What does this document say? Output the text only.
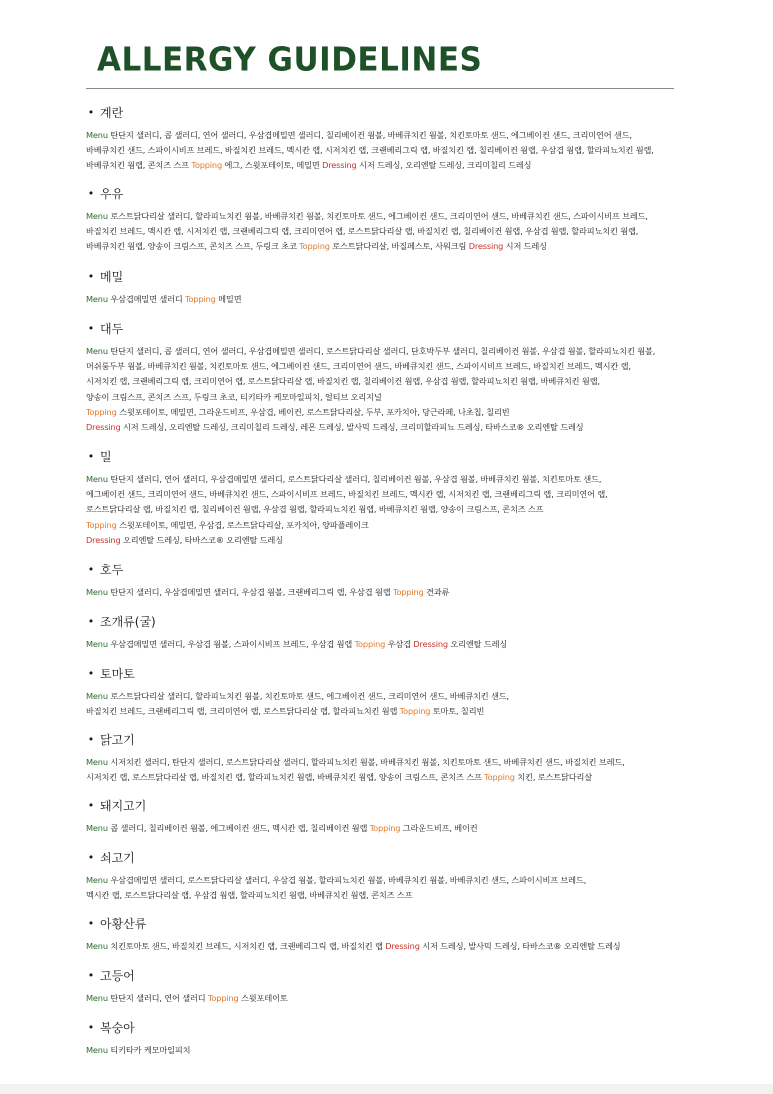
ALLERGY GUIDELINES
• 계란
Menu 탄단지 샐러디, 콥 샐러디, 연어 샐러디, 우삼겹메밀면 샐러디, 칠리베이컨 웜볼, 바베큐치킨 웜볼, 치킨토마토 샌드, 에그베이컨 샌드, 크리미연어 샌드,
바베큐치킨 샌드, 스파이시비프 브레드, 바질치킨 브레드, 멕시칸 랩, 시저치킨 랩, 크랜베리그릭 랩, 바질치킨 랩, 칠리베이컨 웜랩, 우삼겹 웜랩, 할라피뇨치킨 웜랩,
바베큐치킨 웜랩, 콘치즈 스프 Topping 에그, 스윗포테이토, 메밀면 Dressing 시저 드레싱, 오리엔탈 드레싱, 크리미칠리 드레싱
• 우유
Menu 로스트닭다리살 샐러디, 할라피뇨치킨 웜볼, 바베큐치킨 웜볼, 치킨토마토 샌드, 에그베이컨 샌드, 크리미연어 샌드, 바베큐치킨 샌드, 스파이시비프 브레드,
바질치킨 브레드, 멕시칸 랩, 시저치킨 랩, 크랜베리그릭 랩, 크리미연어 랩, 로스트닭다리살 랩, 바질치킨 랩, 칠리베이컨 웜랩, 우삼겹 웜랩, 할라피뇨치킨 웜랩,
바베큐치킨 웜랩, 양송이 크림스프, 콘치즈 스프, 두링크 초코 Topping 로스트닭다리살, 바질페스토, 사워크림 Dressing 시저 드레싱
• 메밀
Menu 우삼겹메밀면 샐러디 Topping 메밀면
• 대두
Menu 탄단지 샐러디, 콥 샐러디, 연어 샐러디, 우삼겹메밀면 샐러디, 로스트닭다리살 샐러디, 단호박두부 샐러디, 칠리베이컨 웜볼, 우삼겹 웜볼, 할라피뇨치킨 웜볼,
머쉬룸두부 웜볼, 바베큐치킨 웜볼, 치킨토마토 샌드, 에그베이컨 샌드, 크리미연어 샌드, 바베큐치킨 샌드, 스파이시비프 브레드, 바질치킨 브레드, 멕시칸 랩,
시저치킨 랩, 크랜베리그릭 랩, 크리미연어 랩, 로스트닭다리살 랩, 바질치킨 랩, 칠리베이컨 웜랩, 우삼겹 웜랩, 할라피뇨치킨 웜랩, 바베큐치킨 웜랩,
양송이 크림스프, 콘치즈 스프, 두링크 초코, 티키타카 케모마일피치, 얼티브 오리지널
Topping 스윗포테이토, 메밀면, 그라운드비프, 우삼겹, 베이컨, 로스트닭다리살, 두부, 포카치아, 당근라페, 나초칩, 칠리빈
Dressing 시저 드레싱, 오리엔탈 드레싱, 크리미칠리 드레싱, 레몬 드레싱, 발사믹 드레싱, 크리미할라피뇨 드레싱, 타바스코® 오리엔탈 드레싱
• 밀
Menu 탄단지 샐러디, 연어 샐러디, 우삼겹메밀면 샐러디, 로스트닭다리살 샐러디, 칠리베이컨 웜볼, 우삼겹 웜볼, 바베큐치킨 웜볼, 치킨토마토 샌드,
에그베이컨 샌드, 크리미연어 샌드, 바베큐치킨 샌드, 스파이시비프 브레드, 바질치킨 브레드, 멕시칸 랩, 시저치킨 랩, 크랜베리그릭 랩, 크리미연어 랩,
로스트닭다리살 랩, 바질치킨 랩, 칠리베이컨 웜랩, 우삼겹 웜랩, 할라피뇨치킨 웜랩, 바베큐치킨 웜랩, 양송이 크림스프, 콘치즈 스프
Topping 스윗포테이토, 메밀면, 우삼겹, 로스트닭다리살, 포카치아, 양파플레이크
Dressing 오리엔탈 드레싱, 타바스코® 오리엔탈 드레싱
• 호두
Menu 탄단지 샐러디, 우삼겹메밀면 샐러디, 우삼겹 웜볼, 크랜베리그릭 랩, 우삼겹 웜랩 Topping 견과류
• 조개류(굴)
Menu 우삼겹메밀면 샐러디, 우삼겹 웜볼, 스파이시비프 브레드, 우삼겹 웜랩 Topping 우삼겹 Dressing 오리엔탈 드레싱
• 토마토
Menu 로스트닭다리살 샐러디, 할라피뇨치킨 웜볼, 치킨토마토 샌드, 에그베이컨 샌드, 크리미연어 샌드, 바베큐치킨 샌드,
바질치킨 브레드, 크랜베리그릭 랩, 크리미연어 랩, 로스트닭다리살 랩, 할라피뇨치킨 웜랩 Topping 토마토, 칠리빈
• 닭고기
Menu 시저치킨 샐러디, 탄단지 샐러디, 로스트닭다리살 샐러디, 할라피뇨치킨 웜볼, 바베큐치킨 웜볼, 치킨토마토 샌드, 바베큐치킨 샌드, 바질치킨 브레드,
시저치킨 랩, 로스트닭다리살 랩, 바질치킨 랩, 할라피뇨치킨 웜랩, 바베큐치킨 웜랩, 양송이 크림스프, 콘치즈 스프 Topping 치킨, 로스트닭다리살
• 돼지고기
Menu 콥 샐러디, 칠리베이컨 웜볼, 에그베이컨 샌드, 멕시칸 랩, 칠리베이컨 웜랩 Topping 그라운드비프, 베이컨
• 쇠고기
Menu 우삼겹메밀면 샐러디, 로스트닭다리살 샐러디, 우삼겹 웜볼, 할라피뇨치킨 웜볼, 바베큐치킨 웜볼, 바베큐치킨 샌드, 스파이시비프 브레드,
멕시칸 랩, 로스트닭다리살 랩, 우삼겹 웜랩, 할라피뇨치킨 웜랩, 바베큐치킨 웜랩, 콘치즈 스프
• 아황산류
Menu 치킨토마토 샌드, 바질치킨 브레드, 시저치킨 랩, 크랜베리그릭 랩, 바질치킨 랩 Dressing 시저 드레싱, 발사믹 드레싱, 타바스코® 오리엔탈 드레싱
• 고등어
Menu 탄단지 샐러디, 연어 샐러디 Topping 스윗포테이토
• 복숭아
Menu 티키타카 케모마일피치
